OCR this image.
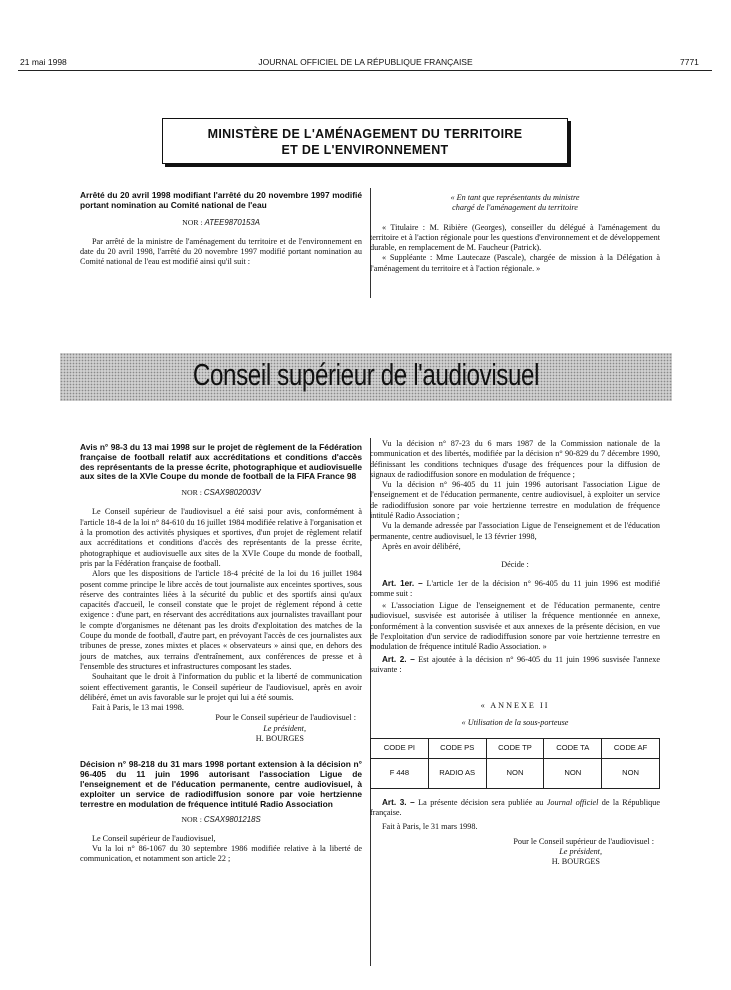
21 mai 1998	JOURNAL OFFICIEL DE LA RÉPUBLIQUE FRANÇAISE	7771
MINISTÈRE DE L'AMÉNAGEMENT DU TERRITOIRE
ET DE L'ENVIRONNEMENT
Arrêté du 20 avril 1998 modifiant l'arrêté du 20 novembre 1997 modifié portant nomination au Comité national de l'eau
NOR : ATEE9870153A
Par arrêté de la ministre de l'aménagement du territoire et de l'environnement en date du 20 avril 1998, l'arrêté du 20 novembre 1997 modifié portant nomination au Comité national de l'eau est modifié ainsi qu'il suit :
« En tant que représentants du ministre chargé de l'aménagement du territoire
« Titulaire : M. Ribière (Georges), conseiller du délégué à l'aménagement du territoire et à l'action régionale pour les questions d'environnement et de développement durable, en remplacement de M. Faucheur (Patrick).
« Suppléante : Mme Lautecaze (Pascale), chargée de mission à la Délégation à l'aménagement du territoire et à l'action régionale. »
Conseil supérieur de l'audiovisuel
Avis n° 98-3 du 13 mai 1998 sur le projet de règlement de la Fédération française de football relatif aux accréditations et conditions d'accès des représentants de la presse écrite, photographique et audiovisuelle aux sites de la XVIe Coupe du monde de football de la FIFA France 98
NOR : CSAX9802003V
Le Conseil supérieur de l'audiovisuel a été saisi pour avis, conformément à l'article 18-4 de la loi n° 84-610 du 16 juillet 1984 modifiée relative à l'organisation et à la promotion des activités physiques et sportives, d'un projet de règlement relatif aux accréditations et conditions d'accès des représentants de la presse écrite, photographique et audiovisuelle aux sites de la XVIe Coupe du monde de football, pris par la Fédération française de football.
Alors que les dispositions de l'article 18-4 précité de la loi du 16 juillet 1984 posent comme principe le libre accès de tout journaliste aux enceintes sportives, sous réserve des contraintes liées à la sécurité du public et des sportifs ainsi qu'aux capacités d'accueil, le conseil constate que le projet de règlement répond à cette exigence : d'une part, en réservant des accréditations aux journalistes travaillant pour le compte d'organismes ne détenant pas les droits d'exploitation des matches de la Coupe du monde de football, d'autre part, en prévoyant l'accès de ces journalistes aux tribunes de presse, zones mixtes et places « observateurs » ainsi que, en dehors des jours de matches, aux terrains d'entraînement, aux conférences de presse et à l'ensemble des structures et infrastructures composant les stades.
Souhaitant que le droit à l'information du public et la liberté de communication soient effectivement garantis, le Conseil supérieur de l'audiovisuel, après en avoir délibéré, émet un avis favorable sur le projet qui lui a été soumis.
Fait à Paris, le 13 mai 1998.
Pour le Conseil supérieur de l'audiovisuel :
Le président,
H. BOURGES
Décision n° 98-218 du 31 mars 1998 portant extension à la décision n° 96-405 du 11 juin 1996 autorisant l'association Ligue de l'enseignement et de l'éducation permanente, centre audiovisuel, à exploiter un service de radiodiffusion sonore par voie hertzienne terrestre en modulation de fréquence intitulé Radio Association
NOR : CSAX9801218S
Le Conseil supérieur de l'audiovisuel,
Vu la loi n° 86-1067 du 30 septembre 1986 modifiée relative à la liberté de communication, et notamment son article 22 ;
Vu la décision n° 87-23 du 6 mars 1987 de la Commission nationale de la communication et des libertés, modifiée par la décision n° 90-829 du 7 décembre 1990, définissant les conditions techniques d'usage des fréquences pour la diffusion de signaux de radiodiffusion sonore en modulation de fréquence ;
Vu la décision n° 96-405 du 11 juin 1996 autorisant l'association Ligue de l'enseignement et de l'éducation permanente, centre audiovisuel, à exploiter un service de radiodiffusion sonore par voie hertzienne terrestre en modulation de fréquence intitulé Radio Association ;
Vu la demande adressée par l'association Ligue de l'enseignement et de l'éducation permanente, centre audiovisuel, le 13 février 1998,
Après en avoir délibéré,
Décide :
Art. 1er. – L'article 1er de la décision n° 96-405 du 11 juin 1996 est modifié comme suit :
« L'association Ligue de l'enseignement et de l'éducation permanente, centre audiovisuel, susvisée est autorisée à utiliser la fréquence mentionnée en annexe, conformément à la convention susvisée et aux annexes de la présente décision, en vue de l'exploitation d'un service de radiodiffusion sonore par voie hertzienne terrestre en modulation de fréquence intitulé Radio Association. »
Art. 2. – Est ajoutée à la décision n° 96-405 du 11 juin 1996 susvisée l'annexe suivante :
« ANNEXE II
« Utilisation de la sous-porteuse
CODE PI	CODE PS	CODE TP	CODE TA	CODE AF
F 448	RADIO AS	NON	NON	NON
Art. 3. – La présente décision sera publiée au Journal officiel de la République française.
Fait à Paris, le 31 mars 1998.
Pour le Conseil supérieur de l'audiovisuel :
Le président,
H. BOURGES
